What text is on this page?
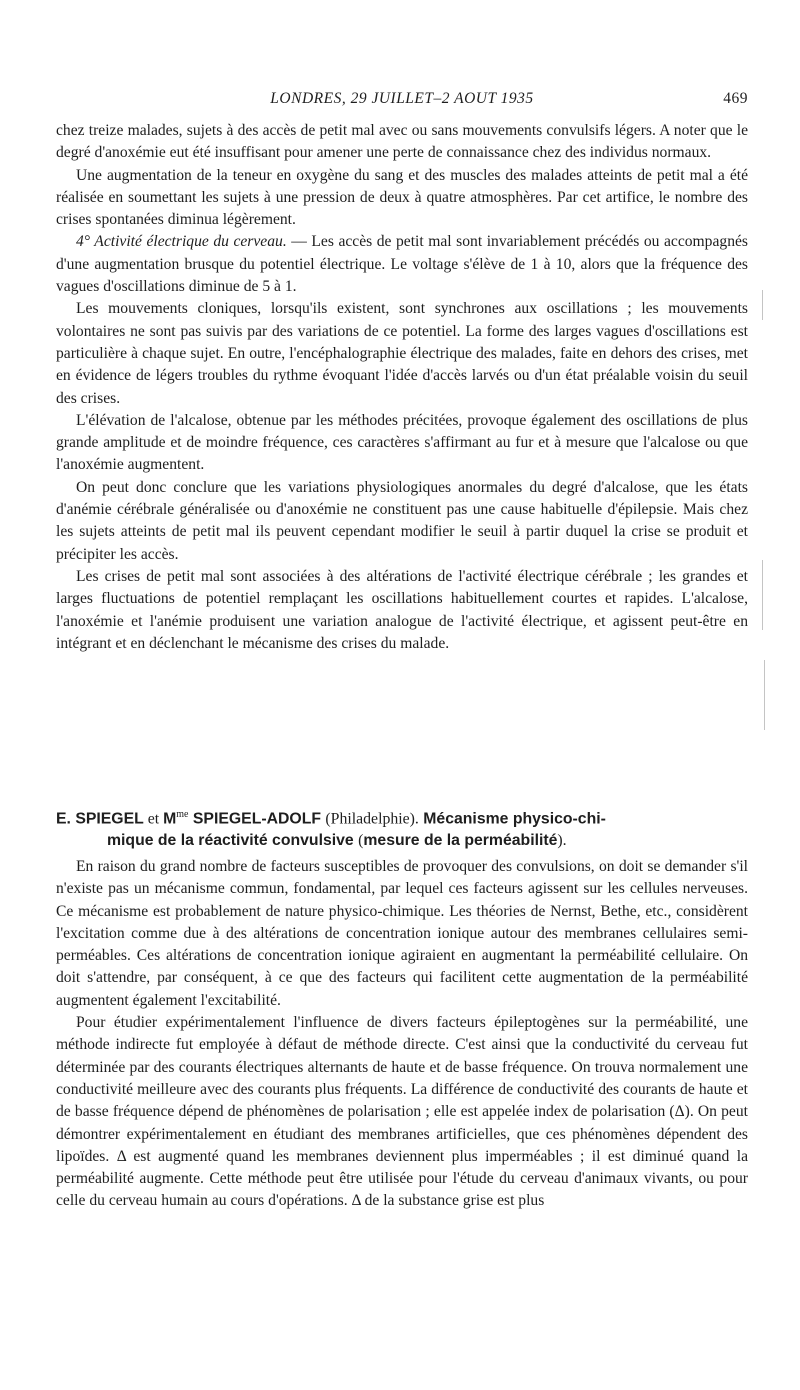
LONDRES, 29 JUILLET–2 AOUT 1935	469

chez treize malades, sujets à des accès de petit mal avec ou sans mouvements convulsifs légers. A noter que le degré d'anoxémie eut été insuffisant pour amener une perte de connaissance chez des individus normaux.

Une augmentation de la teneur en oxygène du sang et des muscles des malades atteints de petit mal a été réalisée en soumettant les sujets à une pression de deux à quatre atmosphères. Par cet artifice, le nombre des crises spontanées diminua légèrement.

4° Activité électrique du cerveau. — Les accès de petit mal sont invariablement précédés ou accompagnés d'une augmentation brusque du potentiel électrique. Le voltage s'élève de 1 à 10, alors que la fréquence des vagues d'oscillations diminue de 5 à 1.

Les mouvements cloniques, lorsqu'ils existent, sont synchrones aux oscillations ; les mouvements volontaires ne sont pas suivis par des variations de ce potentiel. La forme des larges vagues d'oscillations est particulière à chaque sujet. En outre, l'encéphalographie électrique des malades, faite en dehors des crises, met en évidence de légers troubles du rythme évoquant l'idée d'accès larvés ou d'un état préalable voisin du seuil des crises.

L'élévation de l'alcalose, obtenue par les méthodes précitées, provoque également des oscillations de plus grande amplitude et de moindre fréquence, ces caractères s'affirmant au fur et à mesure que l'alcalose ou que l'anoxémie augmentent.

On peut donc conclure que les variations physiologiques anormales du degré d'alcalose, que les états d'anémie cérébrale généralisée ou d'anoxémie ne constituent pas une cause habituelle d'épilepsie. Mais chez les sujets atteints de petit mal ils peuvent cependant modifier le seuil à partir duquel la crise se produit et précipiter les accès.

Les crises de petit mal sont associées à des altérations de l'activité électrique cérébrale ; les grandes et larges fluctuations de potentiel remplaçant les oscillations habituellement courtes et rapides. L'alcalose, l'anoxémie et l'anémie produisent une variation analogue de l'activité électrique, et agissent peut-être en intégrant et en déclenchant le mécanisme des crises du malade.

E. SPIEGEL et $M^{me}$ SPIEGEL-ADOLF (Philadelphie). Mécanisme physico-chi-
mique de la réactivité convulsive (mesure de la perméabilité).

En raison du grand nombre de facteurs susceptibles de provoquer des convulsions, on doit se demander s'il n'existe pas un mécanisme commun, fondamental, par lequel ces facteurs agissent sur les cellules nerveuses. Ce mécanisme est probablement de nature physico-chimique. Les théories de Nernst, Bethe, etc., considèrent l'excitation comme due à des altérations de concentration ionique autour des membranes cellulaires semi-perméables. Ces altérations de concentration ionique agiraient en augmentant la perméabilité cellulaire. On doit s'attendre, par conséquent, à ce que des facteurs qui facilitent cette augmentation de la perméabilité augmentent également l'excitabilité.

Pour étudier expérimentalement l'influence de divers facteurs épileptogènes sur la perméabilité, une méthode indirecte fut employée à défaut de méthode directe. C'est ainsi que la conductivité du cerveau fut déterminée par des courants électriques alternants de haute et de basse fréquence. On trouva normalement une conductivité meilleure avec des courants plus fréquents. La différence de conductivité des courants de haute et de basse fréquence dépend de phénomènes de polarisation ; elle est appelée index de polarisation (Δ). On peut démontrer expérimentalement en étudiant des membranes artificielles, que ces phénomènes dépendent des lipoïdes. Δ est augmenté quand les membranes deviennent plus imperméables ; il est diminué quand la perméabilité augmente. Cette méthode peut être utilisée pour l'étude du cerveau d'animaux vivants, ou pour celle du cerveau humain au cours d'opérations. Δ de la substance grise est plus
